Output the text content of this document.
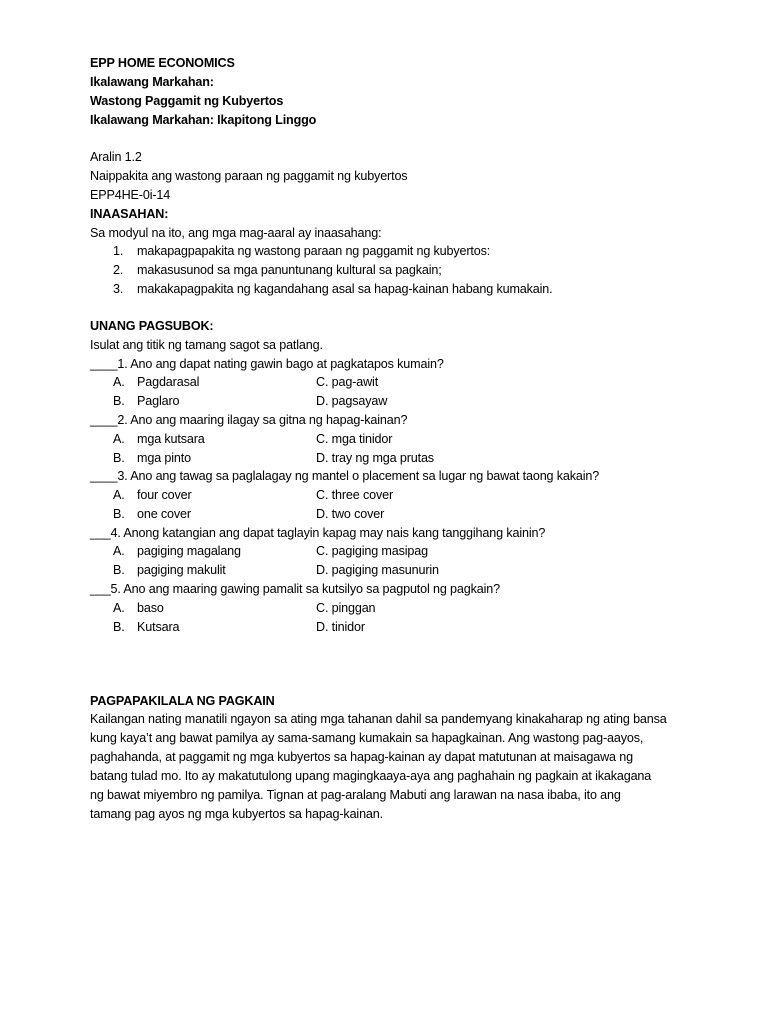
EPP HOME ECONOMICS
Ikalawang Markahan:
Wastong Paggamit ng Kubyertos
Ikalawang Markahan: Ikapitong Linggo
Aralin 1.2
Naippakita ang wastong paraan ng paggamit ng kubyertos
EPP4HE-0i-14
INAASAHAN:
Sa modyul na ito, ang mga mag-aaral ay inaasahang:
1. makapagpapakita ng wastong paraan ng paggamit ng kubyertos:
2. makasusunod sa mga panuntunang kultural sa pagkain;
3. makakapagpakita ng kagandahang asal sa hapag-kainan habang kumakain.
UNANG PAGSUBOK:
Isulat ang titik ng tamang sagot sa patlang.
____1. Ano ang dapat nating gawin bago at pagkatapos kumain?
A. Pagdarasal	C. pag-awit
B. Paglaro	D. pagsayaw
____2. Ano ang maaring ilagay sa gitna ng hapag-kainan?
A. mga kutsara	C. mga tinidor
B. mga pinto	D. tray ng mga prutas
____3. Ano ang tawag sa paglalagay ng mantel o placement sa lugar ng bawat taong kakain?
A. four cover	C. three cover
B. one cover	D. two cover
___4. Anong katangian ang dapat taglayin kapag may nais kang tanggihang kainin?
A. pagiging magalang	C. pagiging masipag
B. pagiging makulit	D. pagiging masunurin
___5. Ano ang maaring gawing pamalit sa kutsilyo sa pagputol ng pagkain?
A. baso	C. pinggan
B. Kutsara	D. tinidor
PAGPAPAKILALA NG PAGKAIN
Kailangan nating manatili ngayon sa ating mga tahanan dahil sa pandemyang kinakaharap ng ating bansa
kung kaya’t ang bawat pamilya ay sama-samang kumakain sa hapagkainan. Ang wastong pag-aayos,
paghahanda, at paggamit ng mga kubyertos sa hapag-kainan ay dapat matutunan at maisagawa ng
batang tulad mo. Ito ay makatutulong upang magingkaaya-aya ang paghahain ng pagkain at ikakagana
ng bawat miyembro ng pamilya. Tignan at pag-aralang Mabuti ang larawan na nasa ibaba, ito ang
tamang pag ayos ng mga kubyertos sa hapag-kainan.
